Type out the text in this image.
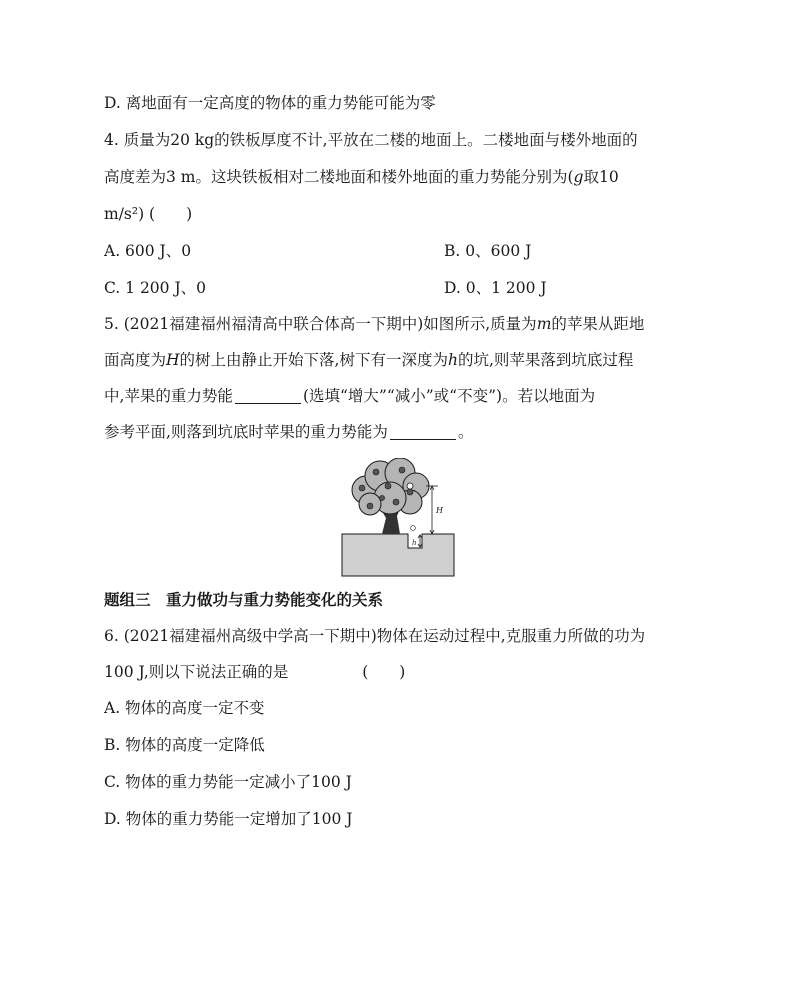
D. 离地面有一定高度的物体的重力势能可能为零
4. 质量为20 kg的铁板厚度不计,平放在二楼的地面上。二楼地面与楼外地面的
高度差为3 m。这块铁板相对二楼地面和楼外地面的重力势能分别为(g取10
m/s²) (　　)
A. 600 J、0	B. 0、600 J
C. 1 200 J、0	D. 0、1 200 J
5. (2021福建福州福清高中联合体高一下期中)如图所示,质量为m的苹果从距地
面高度为H的树上由静止开始下落,树下有一深度为h的坑,则苹果落到坑底过程
中,苹果的重力势能	(选填“增大”“减小”或“不变”)。若以地面为
参考平面,则落到坑底时苹果的重力势能为	。
H
h
题组三　重力做功与重力势能变化的关系
6. (2021福建福州高级中学高一下期中)物体在运动过程中,克服重力所做的功为
100 J,则以下说法正确的是	(　　)
A. 物体的高度一定不变
B. 物体的高度一定降低
C. 物体的重力势能一定减小了100 J
D. 物体的重力势能一定增加了100 J
